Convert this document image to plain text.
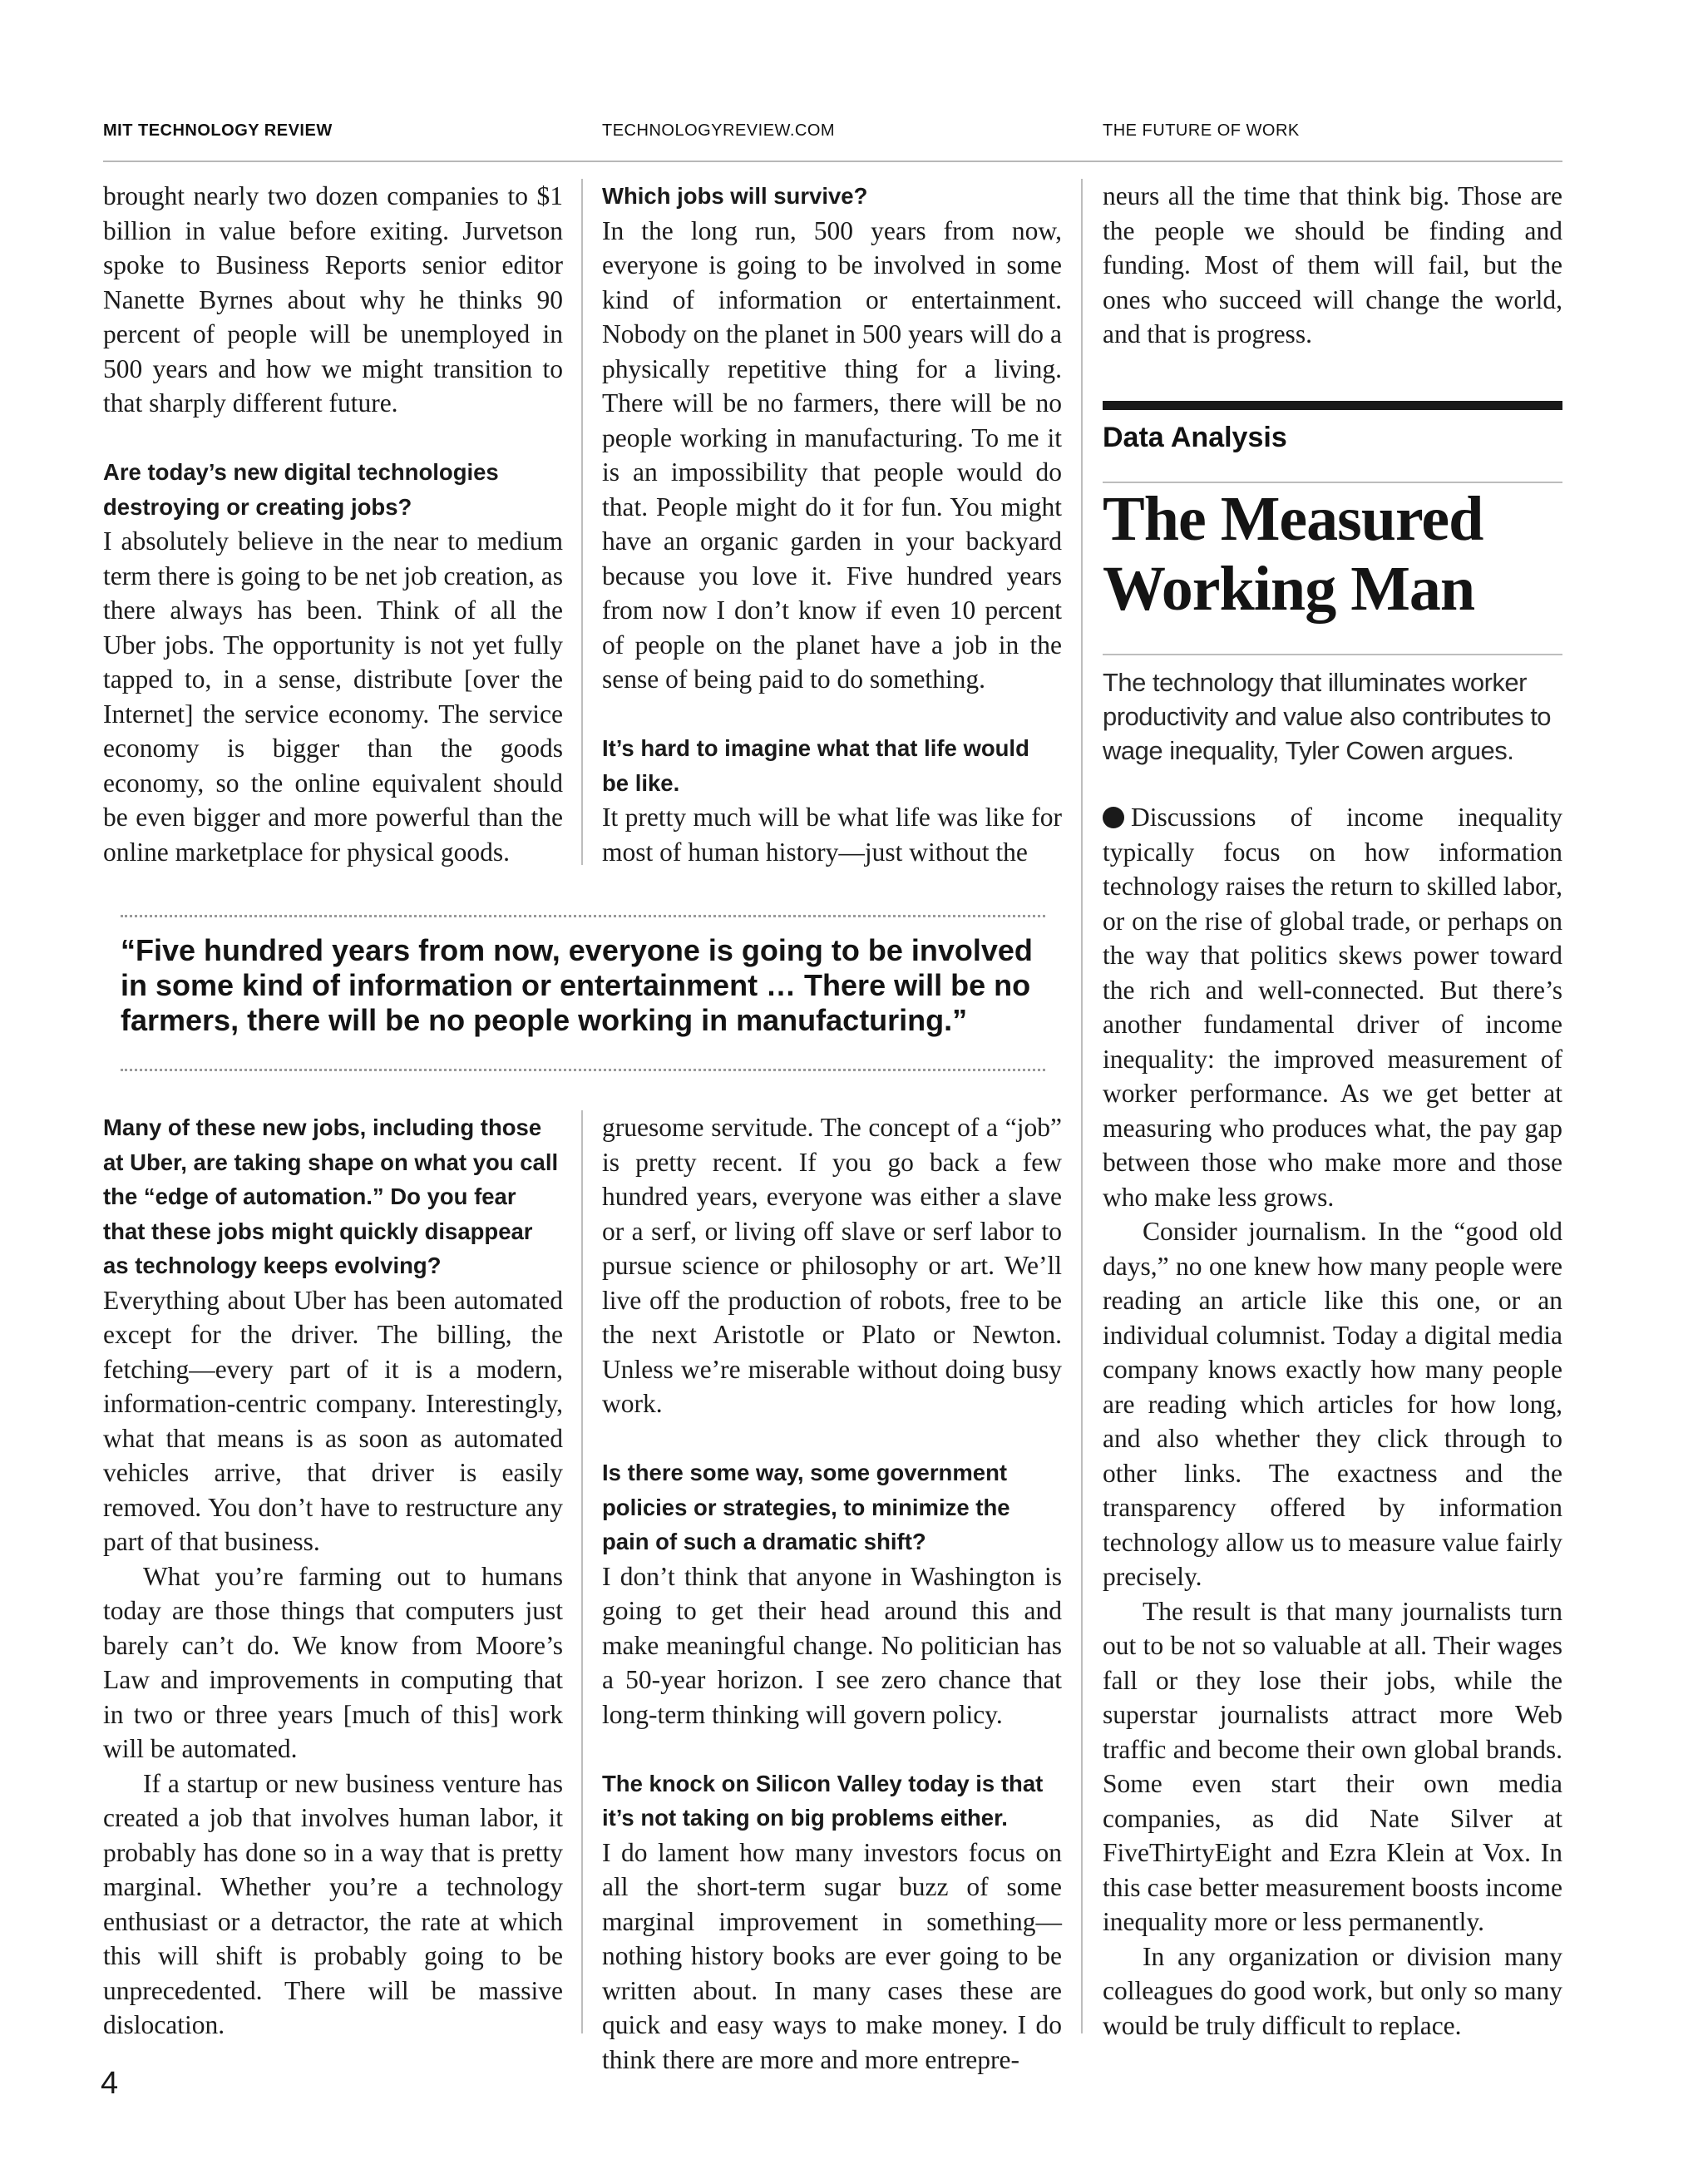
MIT TECHNOLOGY REVIEW	TECHNOLOGYREVIEW.COM	THE FUTURE OF WORK

brought nearly two dozen companies to $1 billion in value before exiting. Jurvetson spoke to Business Reports senior editor Nanette Byrnes about why he thinks 90 percent of people will be unemployed in 500 years and how we might transition to that sharply different future.

Are today’s new digital technologies destroying or creating jobs?

I absolutely believe in the near to medium term there is going to be net job creation, as there always has been. Think of all the Uber jobs. The opportunity is not yet fully tapped to, in a sense, distribute [over the Internet] the service economy. The service economy is bigger than the goods economy, so the online equivalent should be even bigger and more powerful than the online marketplace for physical goods.

Which jobs will survive?

In the long run, 500 years from now, everyone is going to be involved in some kind of information or entertainment. Nobody on the planet in 500 years will do a physically repetitive thing for a living. There will be no farmers, there will be no people working in manufacturing. To me it is an impossibility that people would do that. People might do it for fun. You might have an organic garden in your backyard because you love it. Five hundred years from now I don’t know if even 10 percent of people on the planet have a job in the sense of being paid to do something.

It’s hard to imagine what that life would be like.

It pretty much will be what life was like for most of human history—just without the

“Five hundred years from now, everyone is going to be involved in some kind of information or entertainment … There will be no farmers, there will be no people working in manufacturing.”

Many of these new jobs, including those at Uber, are taking shape on what you call the “edge of automation.” Do you fear that these jobs might quickly disappear as technology keeps evolving?

Everything about Uber has been automated except for the driver. The billing, the fetching—every part of it is a modern, information-centric company. Interestingly, what that means is as soon as automated vehicles arrive, that driver is easily removed. You don’t have to restructure any part of that business.

What you’re farming out to humans today are those things that computers just barely can’t do. We know from Moore’s Law and improvements in computing that in two or three years [much of this] work will be automated.

If a startup or new business venture has created a job that involves human labor, it probably has done so in a way that is pretty marginal. Whether you’re a technology enthusiast or a detractor, the rate at which this will shift is probably going to be unprecedented. There will be massive dislocation.

gruesome servitude. The concept of a “job” is pretty recent. If you go back a few hundred years, everyone was either a slave or a serf, or living off slave or serf labor to pursue science or philosophy or art. We’ll live off the production of robots, free to be the next Aristotle or Plato or Newton. Unless we’re miserable without doing busy work.

Is there some way, some government policies or strategies, to minimize the pain of such a dramatic shift?

I don’t think that anyone in Washington is going to get their head around this and make meaningful change. No politician has a 50-year horizon. I see zero chance that long-term thinking will govern policy.

The knock on Silicon Valley today is that it’s not taking on big problems either.

I do lament how many investors focus on all the short-term sugar buzz of some marginal improvement in something—nothing history books are ever going to be written about. In many cases these are quick and easy ways to make money. I do think there are more and more entrepre-

neurs all the time that think big. Those are the people we should be finding and funding. Most of them will fail, but the ones who succeed will change the world, and that is progress.

Data Analysis
The Measured Working Man

The technology that illuminates worker productivity and value also contributes to wage inequality, Tyler Cowen argues.

Discussions of income inequality typically focus on how information technology raises the return to skilled labor, or on the rise of global trade, or perhaps on the way that politics skews power toward the rich and well-connected. But there’s another fundamental driver of income inequality: the improved measurement of worker performance. As we get better at measuring who produces what, the pay gap between those who make more and those who make less grows.

Consider journalism. In the “good old days,” no one knew how many people were reading an article like this one, or an individual columnist. Today a digital media company knows exactly how many people are reading which articles for how long, and also whether they click through to other links. The exactness and the transparency offered by information technology allow us to measure value fairly precisely.

The result is that many journalists turn out to be not so valuable at all. Their wages fall or they lose their jobs, while the superstar journalists attract more Web traffic and become their own global brands. Some even start their own media companies, as did Nate Silver at FiveThirtyEight and Ezra Klein at Vox. In this case better measurement boosts income inequality more or less permanently.

In any organization or division many colleagues do good work, but only so many would be truly difficult to replace.

4
